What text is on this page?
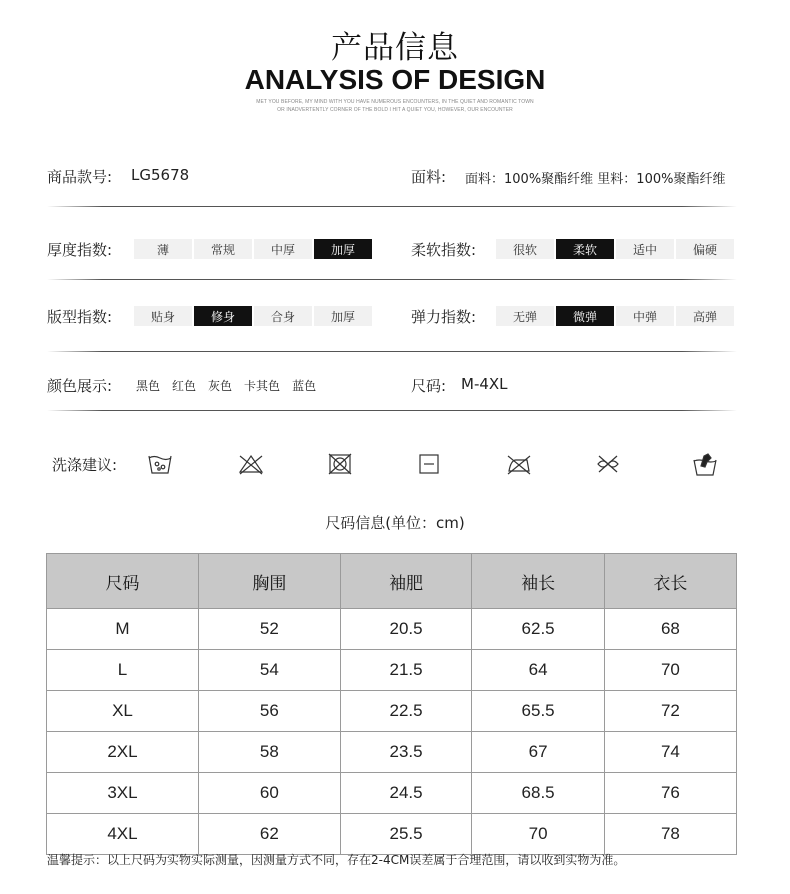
产品信息
ANALYSIS OF DESIGN
MET YOU BEFORE, MY MIND WITH YOU HAVE NUMEROUS ENCOUNTERS, IN THE QUIET AND ROMANTIC TOWN
OR INADVERTENTLY CORNER OF THE BOLD I HIT A QUIET YOU, HOWEVER, OUR ENCOUNTER
商品款号: LG5678	面料: 面料：100%聚酯纤维 里料：100%聚酯纤维
厚度指数:	薄	常规	中厚	加厚	柔软指数:	很软	柔软	适中	偏硬
版型指数:	贴身	修身	合身	加厚	弹力指数:	无弹	微弹	中弹	高弹
颜色展示: 黑色 红色 灰色 卡其色 蓝色	尺码: M-4XL
洗涤建议:
尺码信息(单位：cm)
尺码	胸围	袖肥	袖长	衣长
M	52	20.5	62.5	68
L	54	21.5	64	70
XL	56	22.5	65.5	72
2XL	58	23.5	67	74
3XL	60	24.5	68.5	76
4XL	62	25.5	70	78
温馨提示：以上尺码为实物实际测量，因测量方式不同，存在2-4CM误差属于合理范围，请以收到实物为准。
